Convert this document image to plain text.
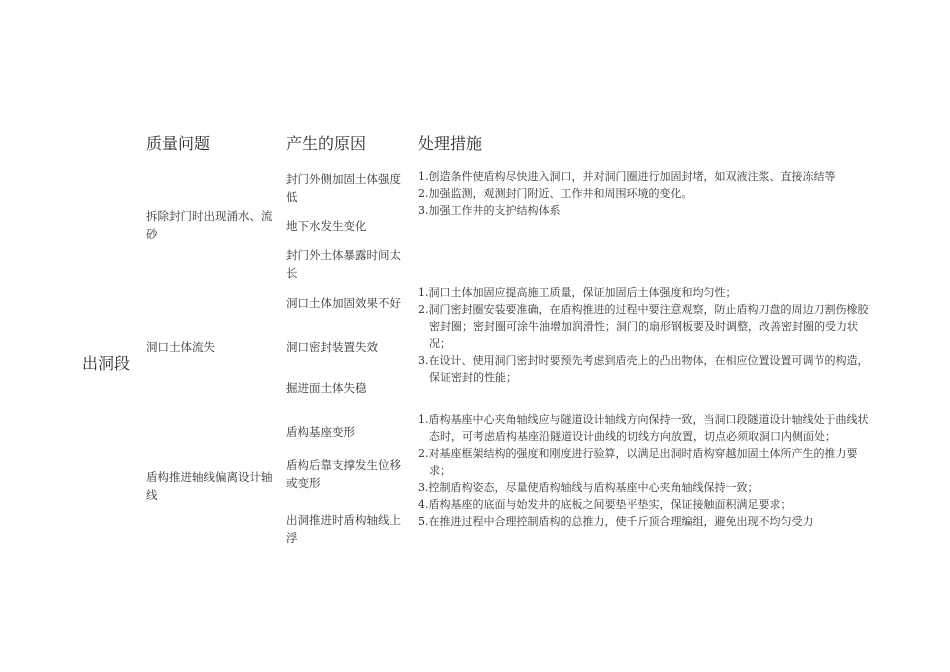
质量问题	产生的原因	处理措施
出洞段
拆除封门时出现涌水、流砂
封门外侧加固土体强度低
地下水发生变化
封门外土体暴露时间太长
1.创造条件使盾构尽快进入洞口，并对洞门圈进行加固封堵，如双液注浆、直接冻结等
2.加强监测，观测封门附近、工作井和周围环境的变化。
3.加强工作井的支护结构体系
洞口土体流失
洞口土体加固效果不好
洞口密封装置失效
掘进面土体失稳
1.洞口土体加固应提高施工质量，保证加固后土体强度和均匀性；
2.洞门密封圈安装要准确，在盾构推进的过程中要注意观察，防止盾构刀盘的周边刀割伤橡胶密封圈；密封圈可涂牛油增加润滑性；洞门的扇形钢板要及时调整，改善密封圈的受力状况；
3.在设计、使用洞门密封时要预先考虑到盾壳上的凸出物体，在相应位置设置可调节的构造，保证密封的性能；
盾构推进轴线偏离设计轴线
盾构基座变形
盾构后靠支撑发生位移或变形
出洞推进时盾构轴线上浮
1.盾构基座中心夹角轴线应与隧道设计轴线方向保持一致，当洞口段隧道设计轴线处于曲线状态时，可考虑盾构基座沿隧道设计曲线的切线方向放置，切点必须取洞口内侧面处；
2.对基座框架结构的强度和刚度进行验算，以满足出洞时盾构穿越加固土体所产生的推力要求；
3.控制盾构姿态，尽量使盾构轴线与盾构基座中心夹角轴线保持一致；
4.盾构基座的底面与始发井的底板之间要垫平垫实，保证接触面积满足要求；
5.在推进过程中合理控制盾构的总推力，使千斤顶合理编组，避免出现不均匀受力
